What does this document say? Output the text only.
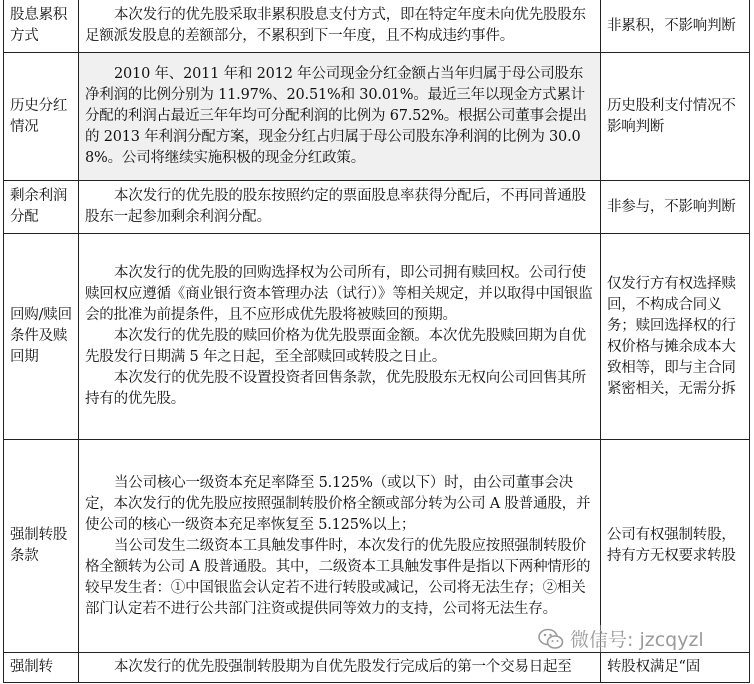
股息累积方式	本次发行的优先股采取非累积股息支付方式，即在特定年度未向优先股股东足额派发股息的差额部分，不累积到下一年度，且不构成违约事件。	非累积，不影响判断
历史分红情况	2010 年、2011 年和 2012 年公司现金分红金额占当年归属于母公司股东净利润的比例分别为 11.97%、20.51%和 30.01%。最近三年以现金方式累计分配的利润占最近三年年均可分配利润的比例为 67.52%。根据公司董事会提出的 2013 年利润分配方案，现金分红占归属于母公司股东净利润的比例为 30.08%。公司将继续实施积极的现金分红政策。	历史股利支付情况不影响判断
剩余利润分配	本次发行的优先股的股东按照约定的票面股息率获得分配后，不再同普通股股东一起参加剩余利润分配。	非参与，不影响判断
回购/赎回条件及赎回期	本次发行的优先股的回购选择权为公司所有，即公司拥有赎回权。公司行使赎回权应遵循《商业银行资本管理办法（试行）》等相关规定，并以取得中国银监会的批准为前提条件，且不应形成优先股将被赎回的预期。

本次发行的优先股的赎回价格为优先股票面金额。本次优先股赎回期为自优先股发行日期满 5 年之日起，至全部赎回或转股之日止。

本次发行的优先股不设置投资者回售条款，优先股股东无权向公司回售其所持有的优先股。	仅发行方有权选择赎回，不构成合同义务；赎回选择权的行权价格与摊余成本大致相等，即与主合同紧密相关，无需分拆
强制转股条款	当公司核心一级资本充足率降至 5.125%（或以下）时，由公司董事会决定，本次发行的优先股应按照强制转股价格全额或部分转为公司 A 股普通股，并使公司的核心一级资本充足率恢复至 5.125%以上；

当公司发生二级资本工具触发事件时，本次发行的优先股应按照强制转股价格全额转为公司 A 股普通股。其中，二级资本工具触发事件是指以下两种情形的较早发生者：①中国银监会认定若不进行转股或减记，公司将无法生存；②相关部门认定若不进行公共部门注资或提供同等效力的支持，公司将无法生存。	公司有权强制转股，持有方无权要求转股
强制转	本次发行的优先股强制转股期为自优先股发行完成后的第一个交易日起至	转股权满足“固
微信号: jzcqyzl
